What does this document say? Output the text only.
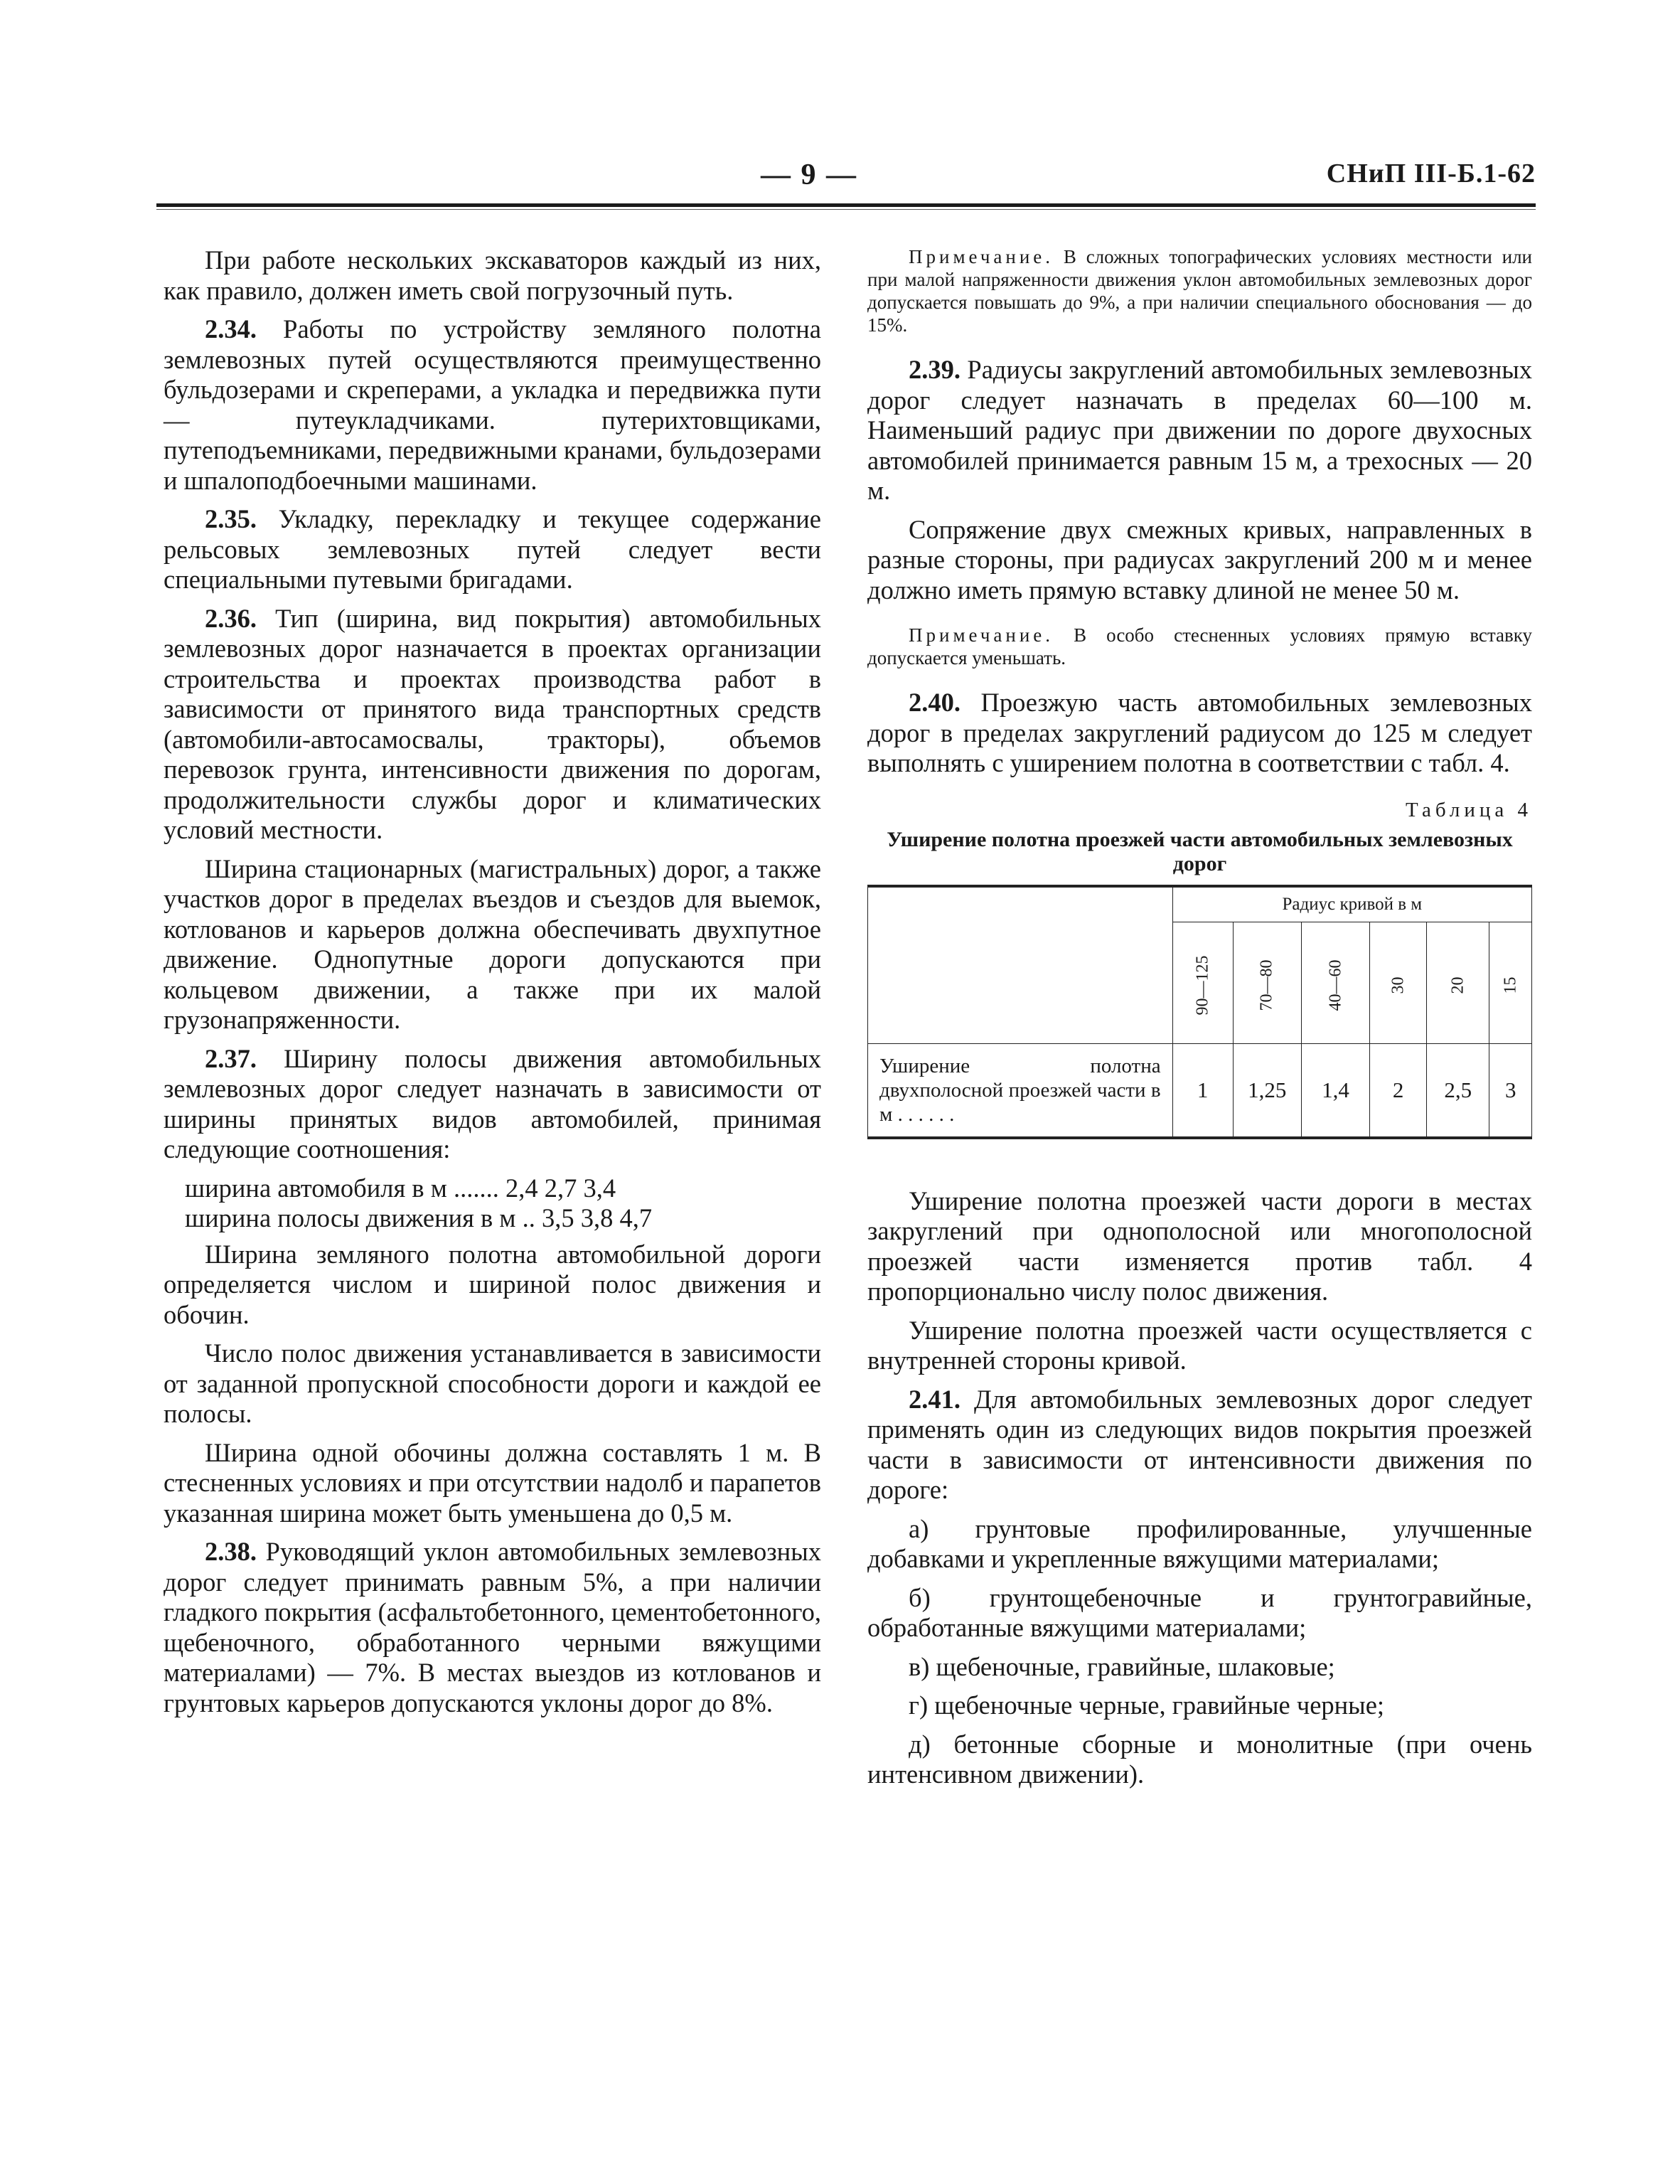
— 9 —	СНиП III-Б.1-62

При работе нескольких экскаваторов каждый из них, как правило, должен иметь свой погрузочный путь.

2.34. Работы по устройству земляного полотна землевозных путей осуществляются преимущественно бульдозерами и скреперами, а укладка и передвижка пути — путеукладчиками. путерихтовщиками, путеподъемниками, передвижными кранами, бульдозерами и шпалоподбоечными машинами.

2.35. Укладку, перекладку и текущее содержание рельсовых землевозных путей следует вести специальными путевыми бригадами.

2.36. Тип (ширина, вид покрытия) автомобильных землевозных дорог назначается в проектах организации строительства и проектах производства работ в зависимости от принятого вида транспортных средств (автомобили-автосамосвалы, тракторы), объемов перевозок грунта, интенсивности движения по дорогам, продолжительности службы дорог и климатических условий местности.

Ширина стационарных (магистральных) дорог, а также участков дорог в пределах въездов и съездов для выемок, котлованов и карьеров должна обеспечивать двухпутное движение. Однопутные дороги допускаются при кольцевом движении, а также при их малой грузонапряженности.

2.37. Ширину полосы движения автомобильных землевозных дорог следует назначать в зависимости от ширины принятых видов автомобилей, принимая следующие соотношения:

ширина автомобиля в м ....... 2,4 2,7 3,4
ширина полосы движения в м .. 3,5 3,8 4,7

Ширина земляного полотна автомобильной дороги определяется числом и шириной полос движения и обочин.

Число полос движения устанавливается в зависимости от заданной пропускной способности дороги и каждой ее полосы.

Ширина одной обочины должна составлять 1 м. В стесненных условиях и при отсутствии надолб и парапетов указанная ширина может быть уменьшена до 0,5 м.

2.38. Руководящий уклон автомобильных землевозных дорог следует принимать равным 5%, а при наличии гладкого покрытия (асфальтобетонного, цементобетонного, щебеночного, обработанного черными вяжущими материалами) — 7%. В местах выездов из котлованов и грунтовых карьеров допускаются уклоны дорог до 8%.

Примечание. В сложных топографических условиях местности или при малой напряженности движения уклон автомобильных землевозных дорог допускается повышать до 9%, а при наличии специального обоснования — до 15%.

2.39. Радиусы закруглений автомобильных землевозных дорог следует назначать в пределах 60—100 м. Наименьший радиус при движении по дороге двухосных автомобилей принимается равным 15 м, а трехосных — 20 м.

Сопряжение двух смежных кривых, направленных в разные стороны, при радиусах закруглений 200 м и менее должно иметь прямую вставку длиной не менее 50 м.

Примечание. В особо стесненных условиях прямую вставку допускается уменьшать.

2.40. Проезжую часть автомобильных землевозных дорог в пределах закруглений радиусом до 125 м следует выполнять с уширением полотна в соответствии с табл. 4.

Таблица 4
Уширение полотна проезжей части автомобильных землевозных дорог
	Радиус кривой в м					
	90—125	70—80	40—60	30	20	15
Уширение полотна двухполосной проезжей части в м . . . . . .	1	1,25	1,4	2	2,5	3

Уширение полотна проезжей части дороги в местах закруглений при однополосной или многополосной проезжей части изменяется против табл. 4 пропорционально числу полос движения.

Уширение полотна проезжей части осуществляется с внутренней стороны кривой.

2.41. Для автомобильных землевозных дорог следует применять один из следующих видов покрытия проезжей части в зависимости от интенсивности движения по дороге:

а) грунтовые профилированные, улучшенные добавками и укрепленные вяжущими материалами;

б) грунтощебеночные и грунтогравийные, обработанные вяжущими материалами;

в) щебеночные, гравийные, шлаковые;

г) щебеночные черные, гравийные черные;

д) бетонные сборные и монолитные (при очень интенсивном движении).
